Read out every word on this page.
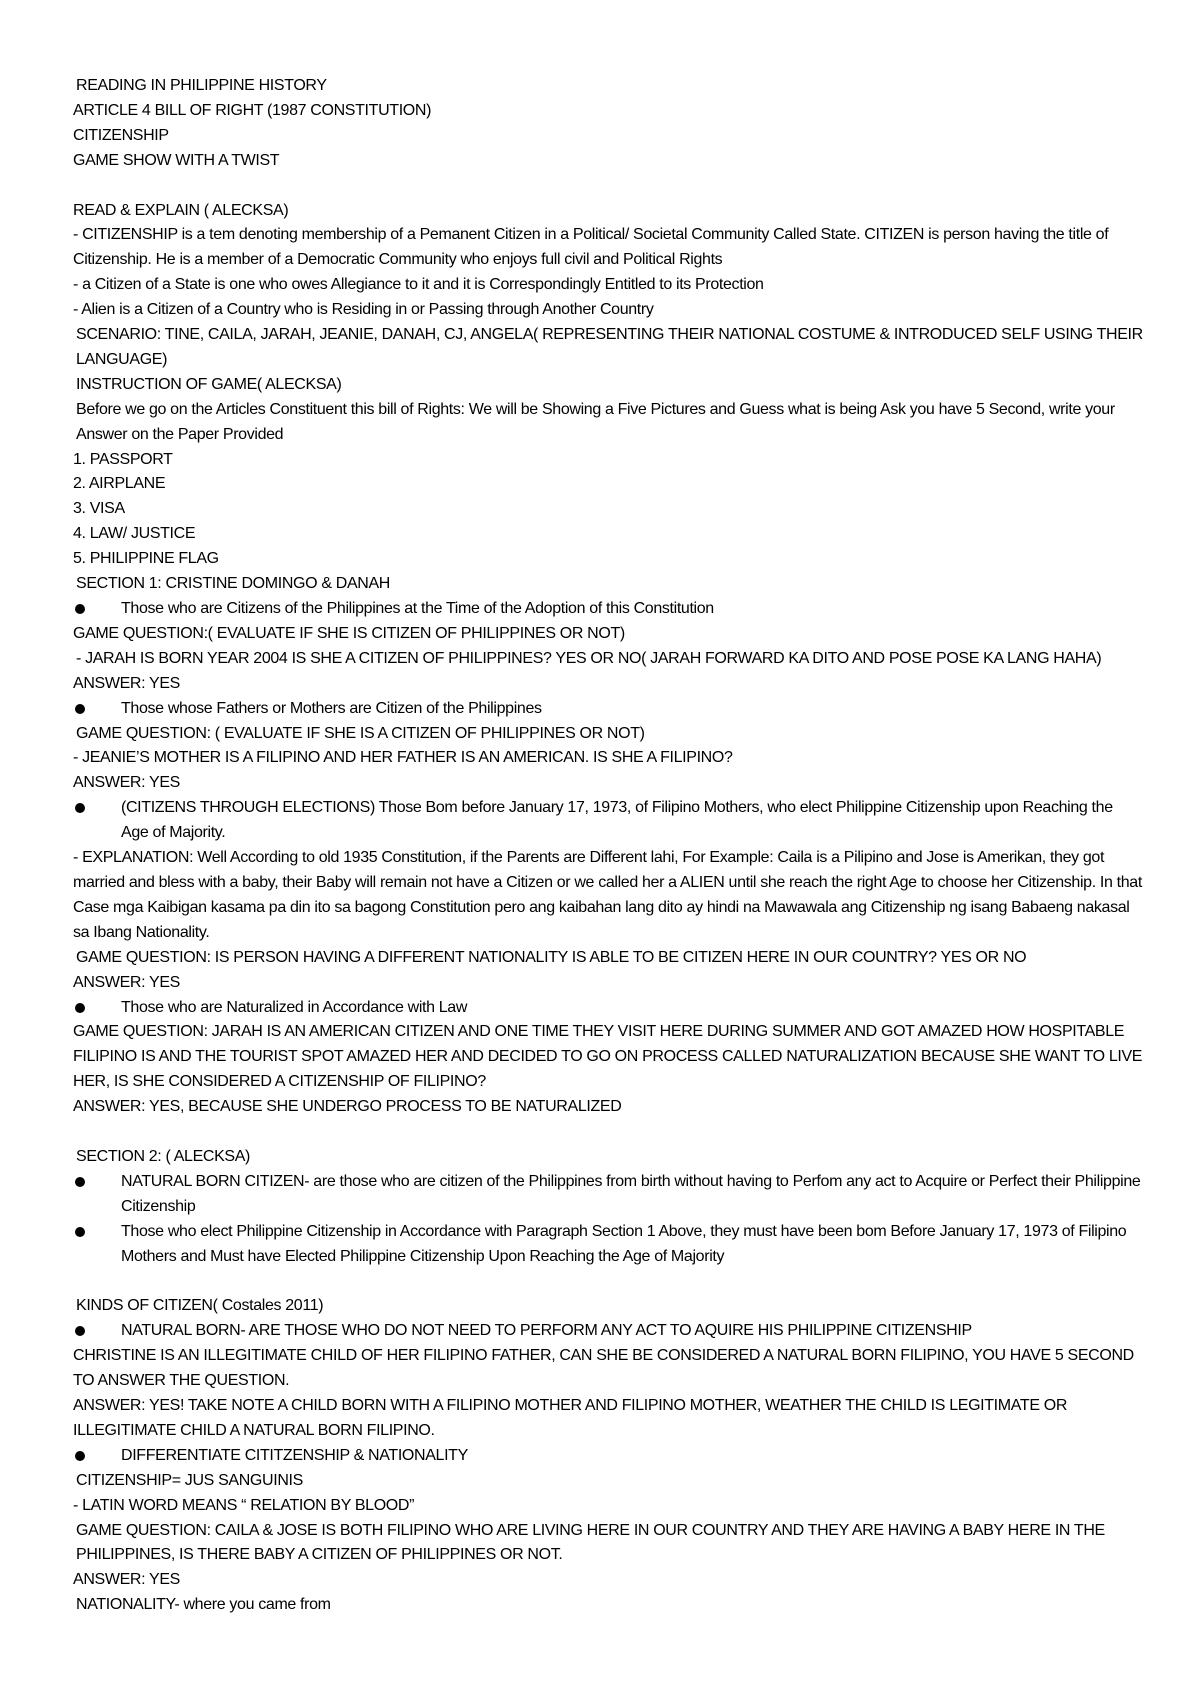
READING IN PHILIPPINE HISTORY
ARTICLE 4 BILL OF RIGHT (1987 CONSTITUTION)
CITIZENSHIP
GAME SHOW WITH A TWIST
READ & EXPLAIN ( ALECKSA)
- CITIZENSHIP is a tem denoting membership of a Pemanent Citizen in a Political/ Societal Community Called State. CITIZEN is person having the title of Citizenship. He is a member of a Democratic Community who enjoys full civil and Political Rights
- a Citizen of a State is one who owes Allegiance to it and it is Correspondingly Entitled to its Protection
- Alien is a Citizen of a Country who is Residing in or Passing through Another Country
SCENARIO: TINE, CAILA, JARAH, JEANIE, DANAH, CJ, ANGELA( REPRESENTING THEIR NATIONAL COSTUME & INTRODUCED SELF USING THEIR LANGUAGE)
INSTRUCTION OF GAME( ALECKSA)
Before we go on the Articles Constituent this bill of Rights: We will be Showing a Five Pictures and Guess what is being Ask you have 5 Second, write your Answer on the Paper Provided
1. PASSPORT
2. AIRPLANE
3. VISA
4. LAW/ JUSTICE
5. PHILIPPINE FLAG
SECTION 1: CRISTINE DOMINGO & DANAH
Those who are Citizens of the Philippines at the Time of the Adoption of this Constitution
GAME QUESTION:( EVALUATE IF SHE IS CITIZEN OF PHILIPPINES OR NOT)
- JARAH IS BORN YEAR 2004 IS SHE A CITIZEN OF PHILIPPINES? YES OR NO( JARAH FORWARD KA DITO AND POSE POSE KA LANG HAHA)
ANSWER: YES
Those whose Fathers or Mothers are Citizen of the Philippines
GAME QUESTION: ( EVALUATE IF SHE IS A CITIZEN OF PHILIPPINES OR NOT)
- JEANIE’S MOTHER IS A FILIPINO AND HER FATHER IS AN AMERICAN. IS SHE A FILIPINO?
ANSWER: YES
(CITIZENS THROUGH ELECTIONS) Those Bom before January 17, 1973, of Filipino Mothers, who elect Philippine Citizenship upon Reaching the Age of Majority.
- EXPLANATION: Well According to old 1935 Constitution, if the Parents are Different lahi, For Example: Caila is a Pilipino and Jose is Amerikan, they got married and bless with a baby, their Baby will remain not have a Citizen or we called her a ALIEN until she reach the right Age to choose her Citizenship. In that Case mga Kaibigan kasama pa din ito sa bagong Constitution pero ang kaibahan lang dito ay hindi na Mawawala ang Citizenship ng isang Babaeng nakasal sa Ibang Nationality.
GAME QUESTION: IS PERSON HAVING A DIFFERENT NATIONALITY IS ABLE TO BE CITIZEN HERE IN OUR COUNTRY? YES OR NO
ANSWER: YES
Those who are Naturalized in Accordance with Law
GAME QUESTION: JARAH IS AN AMERICAN CITIZEN AND ONE TIME THEY VISIT HERE DURING SUMMER AND GOT AMAZED HOW HOSPITABLE FILIPINO IS AND THE TOURIST SPOT AMAZED HER AND DECIDED TO GO ON PROCESS CALLED NATURALIZATION BECAUSE SHE WANT TO LIVE HER, IS SHE CONSIDERED A CITIZENSHIP OF FILIPINO?
ANSWER: YES, BECAUSE SHE UNDERGO PROCESS TO BE NATURALIZED
SECTION 2: ( ALECKSA)
NATURAL BORN CITIZEN- are those who are citizen of the Philippines from birth without having to Perfom any act to Acquire or Perfect their Philippine Citizenship
Those who elect Philippine Citizenship in Accordance with Paragraph Section 1 Above, they must have been bom Before January 17, 1973 of Filipino Mothers and Must have Elected Philippine Citizenship Upon Reaching the Age of Majority
KINDS OF CITIZEN( Costales 2011)
NATURAL BORN- ARE THOSE WHO DO NOT NEED TO PERFORM ANY ACT TO AQUIRE HIS PHILIPPINE CITIZENSHIP
CHRISTINE IS AN ILLEGITIMATE CHILD OF HER FILIPINO FATHER, CAN SHE BE CONSIDERED A NATURAL BORN FILIPINO, YOU HAVE 5 SECOND TO ANSWER THE QUESTION.
ANSWER: YES! TAKE NOTE A CHILD BORN WITH A FILIPINO MOTHER AND FILIPINO MOTHER, WEATHER THE CHILD IS LEGITIMATE OR ILLEGITIMATE CHILD A NATURAL BORN FILIPINO.
DIFFERENTIATE CITITZENSHIP & NATIONALITY
CITIZENSHIP= JUS SANGUINIS
- LATIN WORD MEANS “ RELATION BY BLOOD”
GAME QUESTION: CAILA & JOSE IS BOTH FILIPINO WHO ARE LIVING HERE IN OUR COUNTRY AND THEY ARE HAVING A BABY HERE IN THE PHILIPPINES, IS THERE BABY A CITIZEN OF PHILIPPINES OR NOT.
ANSWER: YES
NATIONALITY- where you came from
